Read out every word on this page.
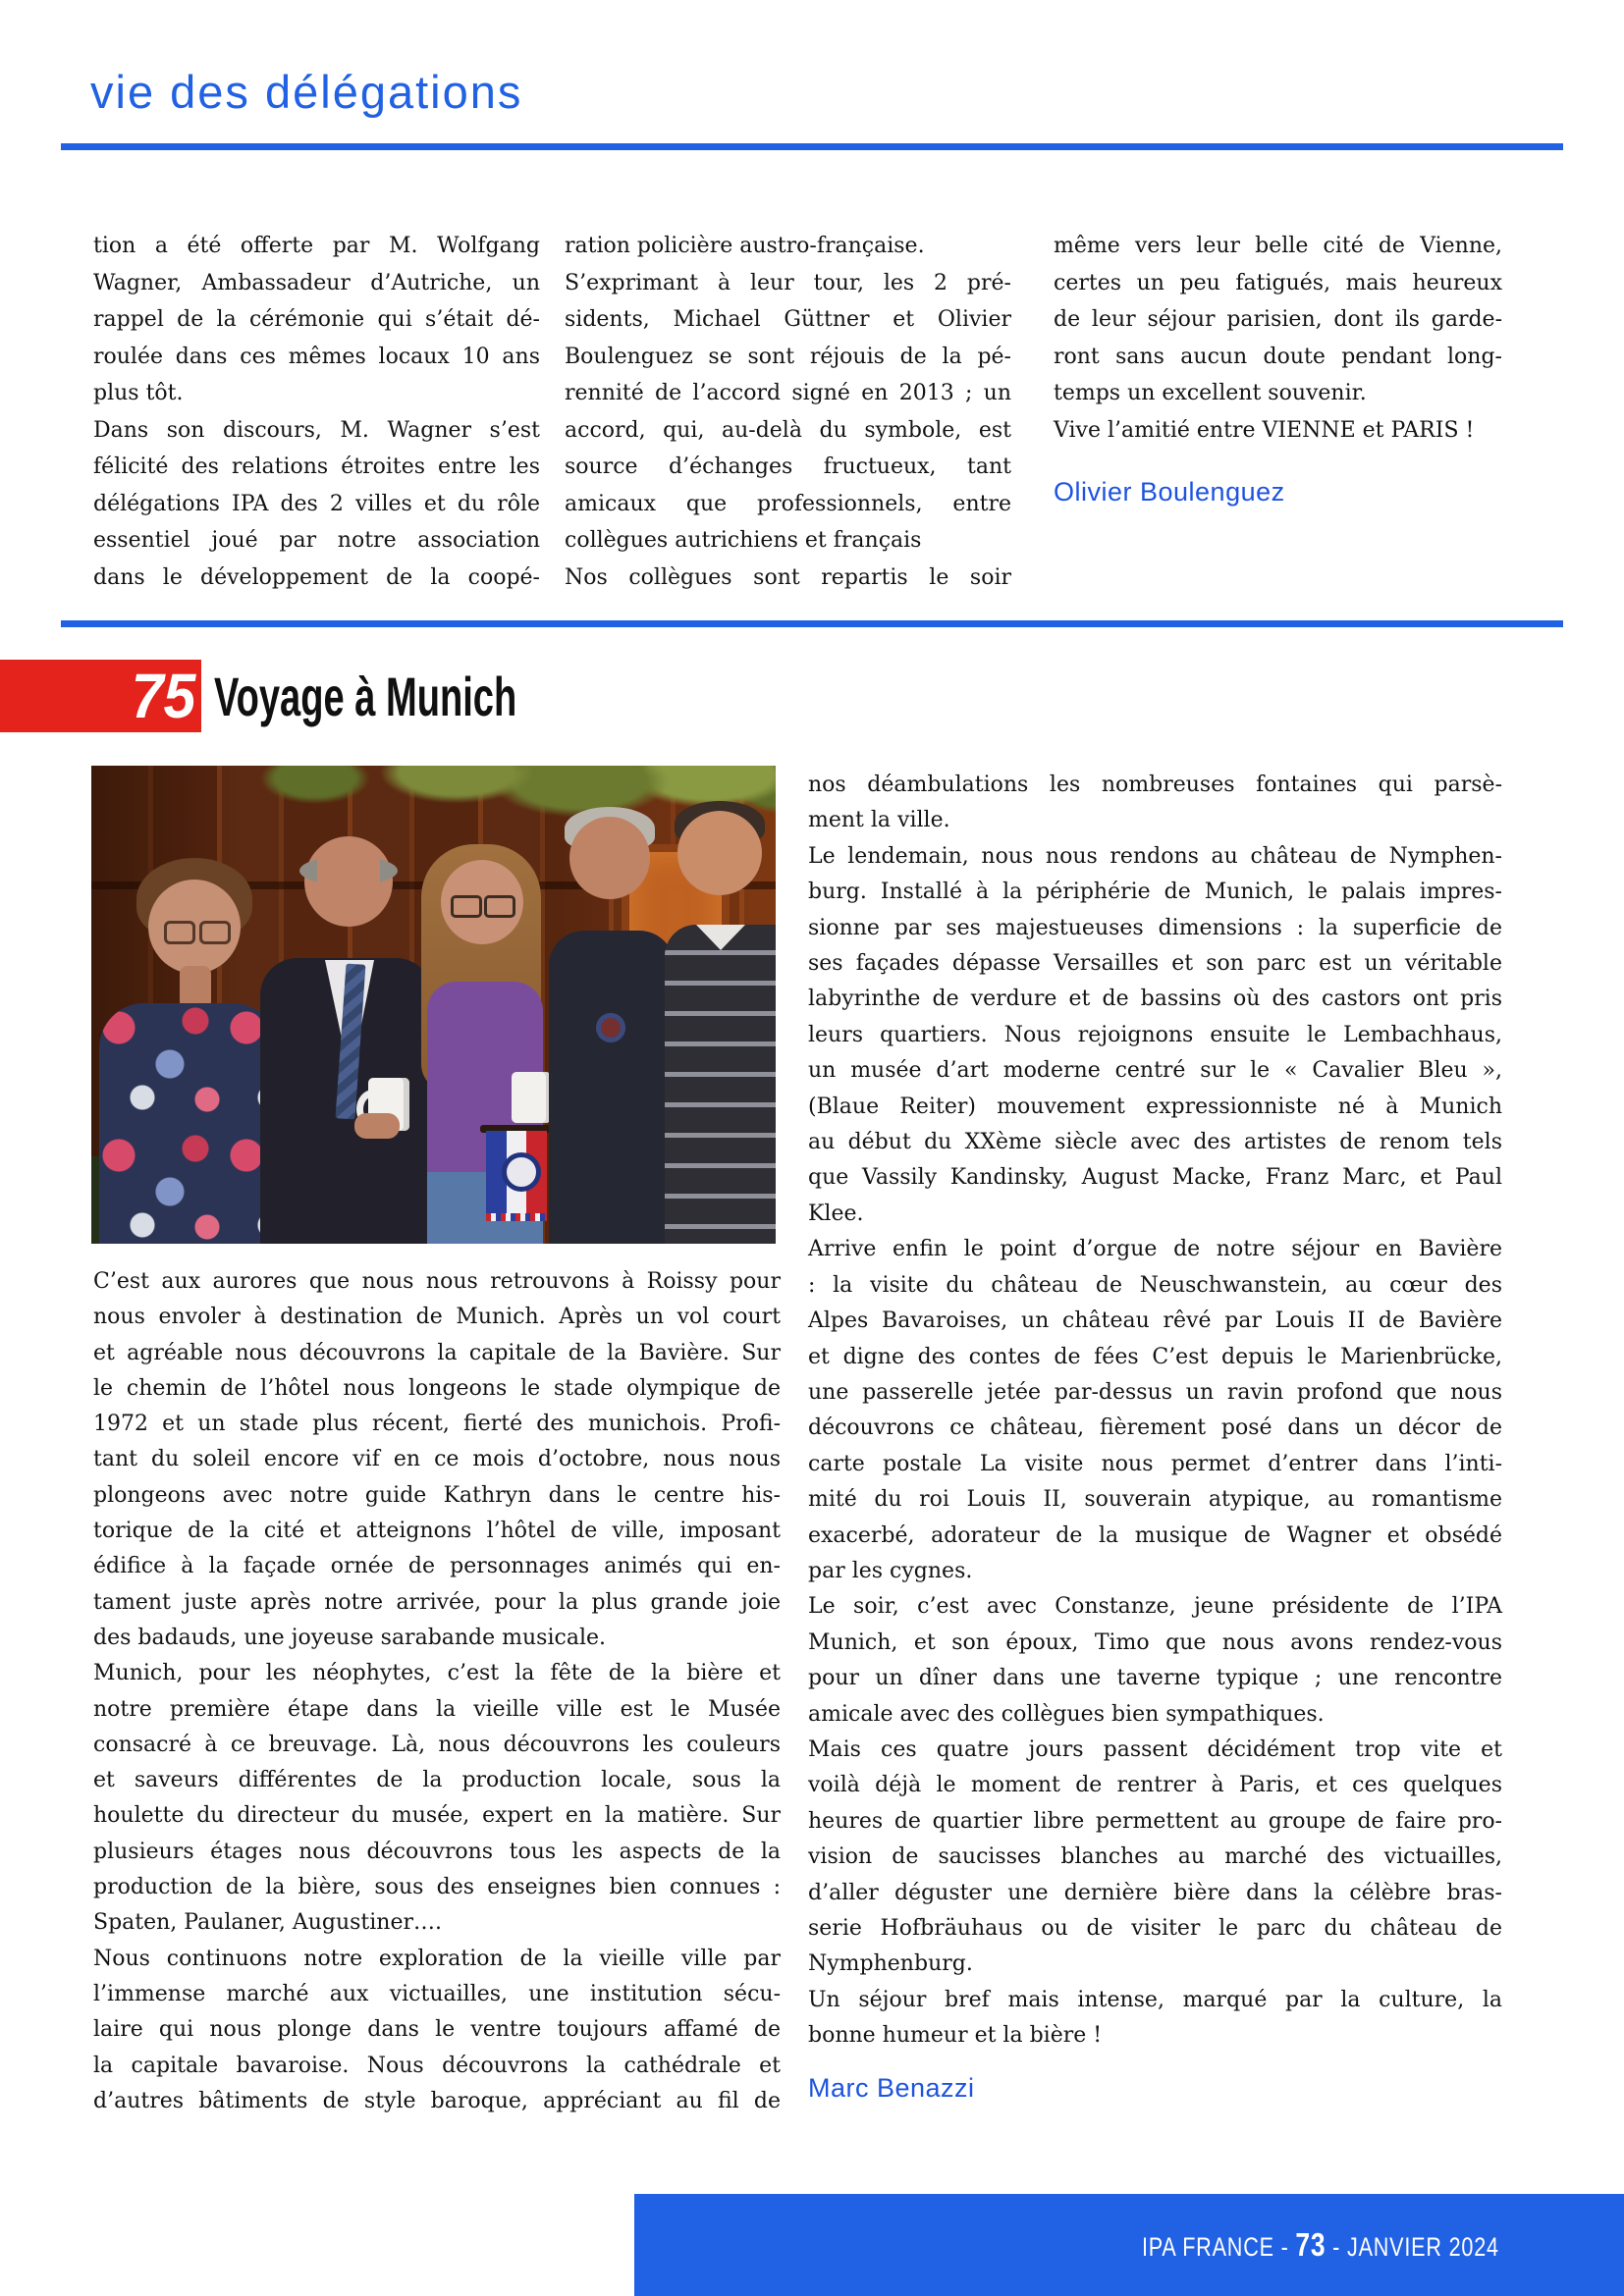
vie des délégations
tion a été offerte par M. Wolfgang
Wagner, Ambassadeur d’Autriche, un
rappel de la cérémonie qui s’était dé-
roulée dans ces mêmes locaux 10 ans
plus tôt.
Dans son discours, M. Wagner s’est
félicité des relations étroites entre les
délégations IPA des 2 villes et du rôle
essentiel joué par notre association
dans le développement de la coopé-
ration policière austro-française.
S’exprimant à leur tour, les 2 pré-
sidents, Michael Güttner et Olivier
Boulenguez se sont réjouis de la pé-
rennité de l’accord signé en 2013 ; un
accord, qui, au-delà du symbole, est
source d’échanges fructueux, tant
amicaux que professionnels, entre
collègues autrichiens et français
Nos collègues sont repartis le soir
même vers leur belle cité de Vienne,
certes un peu fatigués, mais heureux
de leur séjour parisien, dont ils garde-
ront sans aucun doute pendant long-
temps un excellent souvenir.
Vive l’amitié entre VIENNE et PARIS !
Olivier Boulenguez
75 Voyage à Munich
C’est aux aurores que nous nous retrouvons à Roissy pour
nous envoler à destination de Munich. Après un vol court
et agréable nous découvrons la capitale de la Bavière. Sur
le chemin de l’hôtel nous longeons le stade olympique de
1972 et un stade plus récent, fierté des munichois. Profi-
tant du soleil encore vif en ce mois d’octobre, nous nous
plongeons avec notre guide Kathryn dans le centre his-
torique de la cité et atteignons l’hôtel de ville, imposant
édifice à la façade ornée de personnages animés qui en-
tament juste après notre arrivée, pour la plus grande joie
des badauds, une joyeuse sarabande musicale.
Munich, pour les néophytes, c’est la fête de la bière et
notre première étape dans la vieille ville est le Musée
consacré à ce breuvage. Là, nous découvrons les couleurs
et saveurs différentes de la production locale, sous la
houlette du directeur du musée, expert en la matière. Sur
plusieurs étages nous découvrons tous les aspects de la
production de la bière, sous des enseignes bien connues :
Spaten, Paulaner, Augustiner….
Nous continuons notre exploration de la vieille ville par
l’immense marché aux victuailles, une institution sécu-
laire qui nous plonge dans le ventre toujours affamé de
la capitale bavaroise. Nous découvrons la cathédrale et
d’autres bâtiments de style baroque, appréciant au fil de
nos déambulations les nombreuses fontaines qui parsè-
ment la ville.
Le lendemain, nous nous rendons au château de Nymphen-
burg. Installé à la périphérie de Munich, le palais impres-
sionne par ses majestueuses dimensions : la superficie de
ses façades dépasse Versailles et son parc est un véritable
labyrinthe de verdure et de bassins où des castors ont pris
leurs quartiers. Nous rejoignons ensuite le Lembachhaus,
un musée d’art moderne centré sur le « Cavalier Bleu »,
(Blaue Reiter) mouvement expressionniste né à Munich
au début du XXème siècle avec des artistes de renom tels
que Vassily Kandinsky, August Macke, Franz Marc, et Paul
Klee.
Arrive enfin le point d’orgue de notre séjour en Bavière
: la visite du château de Neuschwanstein, au cœur des
Alpes Bavaroises, un château rêvé par Louis II de Bavière
et digne des contes de fées C’est depuis le Marienbrücke,
une passerelle jetée par-dessus un ravin profond que nous
découvrons ce château, fièrement posé dans un décor de
carte postale La visite nous permet d’entrer dans l’inti-
mité du roi Louis II, souverain atypique, au romantisme
exacerbé, adorateur de la musique de Wagner et obsédé
par les cygnes.
Le soir, c’est avec Constanze, jeune présidente de l’IPA
Munich, et son époux, Timo que nous avons rendez-vous
pour un dîner dans une taverne typique ; une rencontre
amicale avec des collègues bien sympathiques.
Mais ces quatre jours passent décidément trop vite et
voilà déjà le moment de rentrer à Paris, et ces quelques
heures de quartier libre permettent au groupe de faire pro-
vision de saucisses blanches au marché des victuailles,
d’aller déguster une dernière bière dans la célèbre bras-
serie Hofbräuhaus ou de visiter le parc du château de
Nymphenburg.
Un séjour bref mais intense, marqué par la culture, la
bonne humeur et la bière !
Marc Benazzi
IPA FRANCE - 73 - JANVIER 2024
